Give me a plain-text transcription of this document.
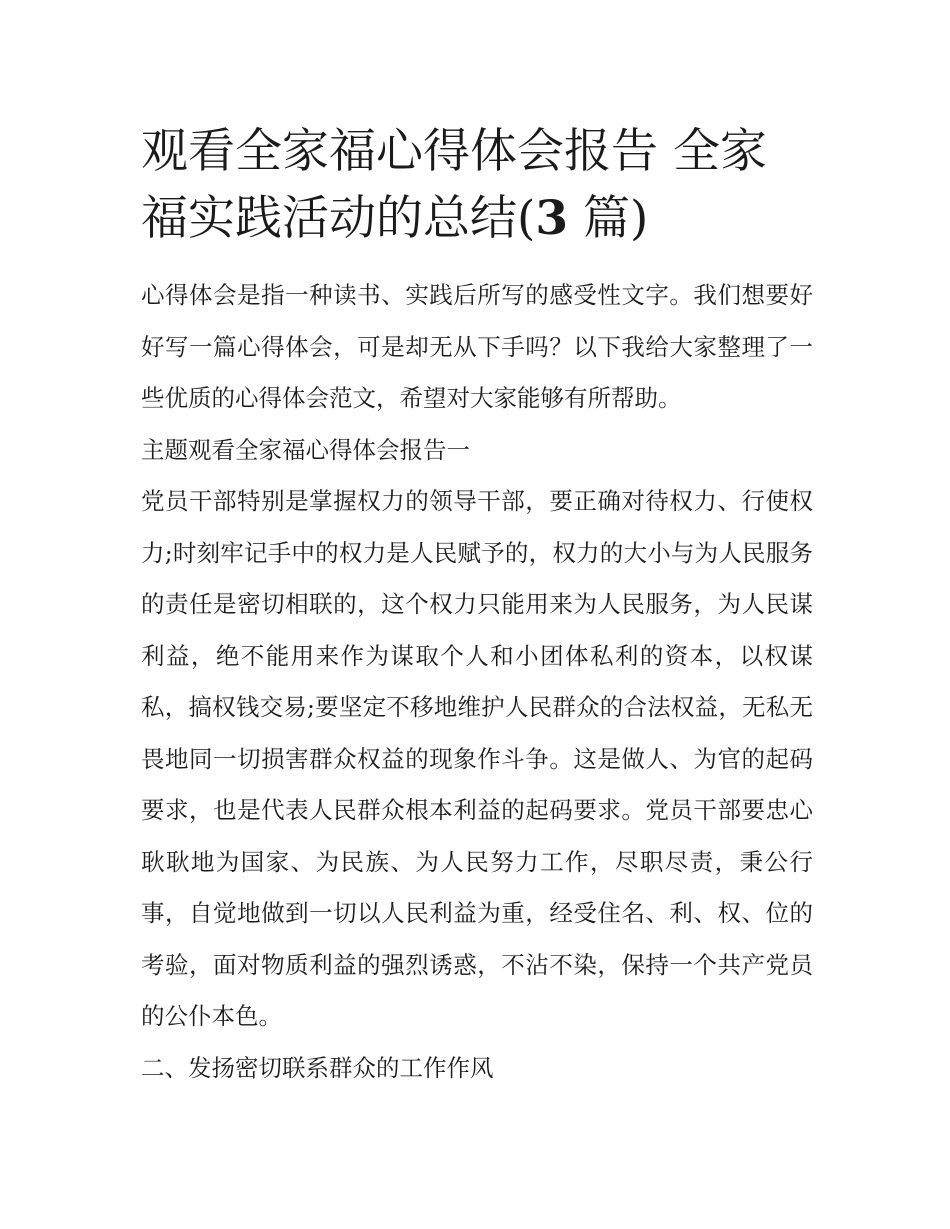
观看全家福心得体会报告 全家福实践活动的总结(3 篇)

心得体会是指一种读书、实践后所写的感受性文字。我们想要好好写一篇心得体会，可是却无从下手吗？以下我给大家整理了一些优质的心得体会范文，希望对大家能够有所帮助。

主题观看全家福心得体会报告一

党员干部特别是掌握权力的领导干部，要正确对待权力、行使权力;时刻牢记手中的权力是人民赋予的，权力的大小与为人民服务的责任是密切相联的，这个权力只能用来为人民服务，为人民谋利益，绝不能用来作为谋取个人和小团体私利的资本，以权谋私，搞权钱交易;要坚定不移地维护人民群众的合法权益，无私无畏地同一切损害群众权益的现象作斗争。这是做人、为官的起码要求，也是代表人民群众根本利益的起码要求。党员干部要忠心耿耿地为国家、为民族、为人民努力工作，尽职尽责，秉公行事，自觉地做到一切以人民利益为重，经受住名、利、权、位的考验，面对物质利益的强烈诱惑，不沾不染，保持一个共产党员的公仆本色。

二、发扬密切联系群众的工作作风
